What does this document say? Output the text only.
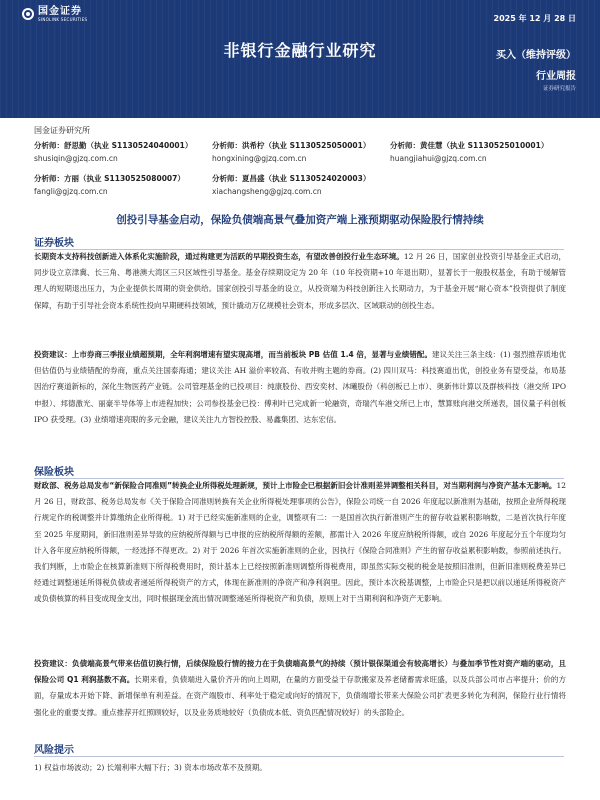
国金证券
SINOLINK SECURITIES	2025 年 12 月 28 日
非银行金融行业研究	买入（维持评级）
行业周报
证券研究报告
国金证券研究所
分析师：舒思勤（执业 S1130524040001）
shusiqin@gjzq.com.cn
分析师：洪希柠（执业 S1130525050001）
hongxining@gjzq.com.cn
分析师：黄佳慧（执业 S1130525010001）
huangjiahui@gjzq.com.cn
分析师：方丽（执业 S1130525080007）
fangli@gjzq.com.cn
分析师：夏昌盛（执业 S1130524020003）
xiachangsheng@gjzq.com.cn
创投引导基金启动，保险负债端高景气叠加资产端上涨预期驱动保险股行情持续
证券板块
长期资本支持科技创新进入体系化实施阶段，通过构建更为活跃的早期投资生态，有望改善创投行业生态环境。12 月 26 日，国家创业投资引导基金正式启动，同步设立京津冀、长三角、粤港澳大湾区三只区域性引导基金。基金存续期设定为 20 年（10 年投资期+10 年退出期），显著长于一般股权基金，有助于缓解管理人的短期退出压力，为企业提供长周期的资金供给。国家创投引导基金的设立，从投资端为科技创新注入长期动力，为于基金开展“耐心资本”投资提供了制度保障，有助于引导社会资本系统性投向早期硬科技领域，预计撬动万亿规模社会资本，形成多层次、区域联动的创投生态。
投资建议：上市券商三季报业绩超预期，全年利润增速有望实现高增，而当前板块 PB 估值 1.4 倍，显著与业绩错配。建议关注三条主线：(1) 强烈推荐质地优但估值仍与业绩错配的券商，重点关注国泰海通；建议关注 AH 溢价率较高、有收并购主题的券商。(2) 四川双马：科技赛道出优，创投业务有望受益，布局基因治疗赛道新标的，深化生物医药产业链。公司管理基金的已投项目：纯康股份、西安奕材、沐曦股份（科创板已上市）、奥新伟计算以及群核科技（港交所 IPO 申报）、邦德激光、丽豪半导体等上市进程加快；公司参投基金已投：傅利叶已完成新一轮融资，奇瑞汽车港交所已上市，慧算账向港交所递表，国仪量子科创板 IPO 获受理。(3) 业绩增速亮眼的多元金融，建议关注九方智投控股、易鑫集团、达东宏信。
保险板块
财政部、税务总局发布“新保险合同准则”转换企业所得税处理新规，预计上市险企已根据新旧会计准则差异调整相关科目，对当期利润与净资产基本无影响。12 月 26 日，财政部、税务总局发布《关于保险合同准则转换有关企业所得税处理事项的公告》，保险公司统一自 2026 年度起以新准则为基础，按照企业所得税现行规定作的税调整并计算缴纳企业所得税。1) 对于已经实施新准则的企业，调整项有二：一是国首次执行新准则产生的留存收益累积影响数，二是首次执行年度至 2025 年度期间，新旧准则差异导致的应纳税所得额与已申报的应纳税所得额的差额，都需计入 2026 年度应纳税所得额，或自 2026 年度起分五个年度均匀计入各年度应纳税所得额，一经选择不得更改。2) 对于 2026 年首次实施新准则的企业，因执行《保险合同准则》产生的留存收益累积影响数，参照前述执行。我们判断，上市险企在核算新准则下所得税费用时，预计基本上已经按照新准则调整所得税费用，即虽然实际交税的税金是按照旧准则，但新旧准则税费差异已经通过调整递延所得税负债或者递延所得税资产的方式，体现在新准则的净资产和净利润里。因此，预计本次税基调整，上市险企只是把以前以递延所得税资产或负债核算的科目变成现金支出，同时根据现金流出情况调整递延所得税资产和负债，原则上对于当期利润和净资产无影响。
投资建议：负债端高景气带来估值切换行情，后续保险股行情的接力在于负债端高景气的持续（预计银保渠道会有较高增长）与叠加季节性对资产端的驱动，且保险公司 Q1 利润基数不高。长期来看，负债端进入量价齐升的向上周期，在量的方面受益于存款搬家及养老储蓄需求旺盛，以及兵部公司市占率提升；价的方面，存量成本开始下降、新增保单有利差益。在资产端股市、利率处于稳定或向好的情况下，负债端增长带来大保险公司扩表更多转化为利润，保险行业行情将强化业的重要支撑。重点推荐开红照顾较好，以及业务质地较好（负债成本低、资负匹配情况较好）的头部险企。
风险提示
1) 权益市场波动；2) 长端利率大幅下行；3) 资本市场改革不及预期。
